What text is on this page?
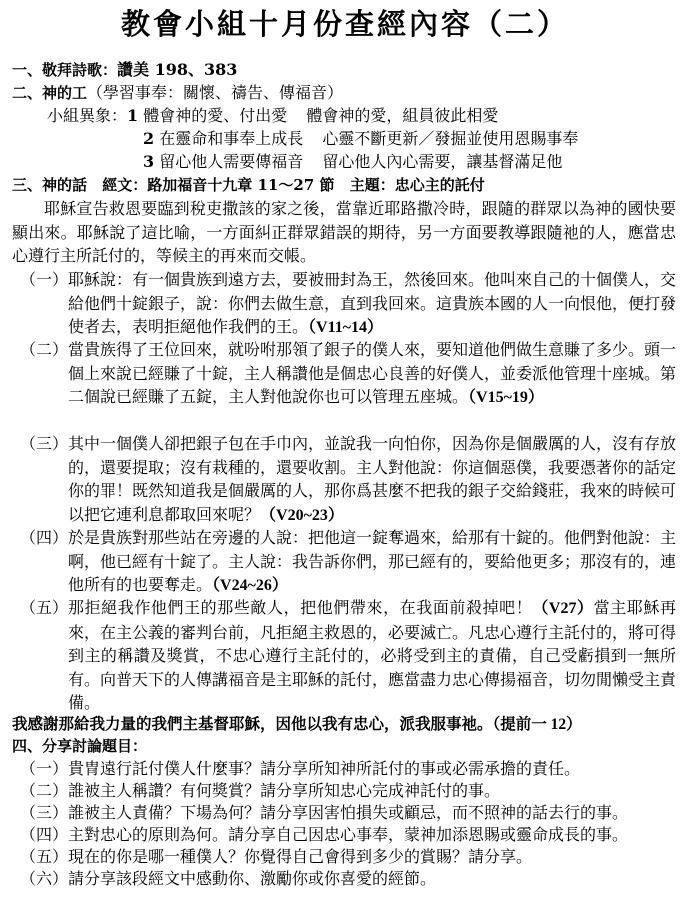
教會小組十月份查經內容（二）
一、敬拜詩歌：讚美 198、383
二、神的工（學習事奉：關懷、禱告、傳福音）
小組異象：1 體會神的愛、付出愛 體會神的愛，組員彼此相愛
2 在靈命和事奉上成長 心靈不斷更新／發掘並使用恩賜事奉
3 留心他人需要傳福音 留心他人內心需要，讓基督滿足他
三、神的話 經文：路加福音十九章 11～27 節 主題：忠心主的託付
耶穌宣告救恩要臨到稅吏撒該的家之後，當靠近耶路撒冷時，跟隨的群眾以為神的國快要顯出來。耶穌說了這比喻，一方面糾正群眾錯誤的期待，另一方面要教導跟隨祂的人，應當忠心遵行主所託付的，等候主的再來而交帳。
（一） 耶穌說：有一個貴族到遠方去，要被冊封為王，然後回來。他叫來自己的十個僕人，交給他們十錠銀子，說：你們去做生意，直到我回來。這貴族本國的人一向恨他，便打發使者去，表明拒絕他作我們的王。（V11~14）
（二） 當貴族得了王位回來，就吩咐那領了銀子的僕人來，要知道他們做生意賺了多少。頭一個上來說已經賺了十錠，主人稱讚他是個忠心良善的好僕人，並委派他管理十座城。第二個說已經賺了五錠，主人對他說你也可以管理五座城。（V15~19）
（三） 其中一個僕人卻把銀子包在手巾內，並說我一向怕你，因為你是個嚴厲的人，沒有存放的，還要提取；沒有栽種的，還要收割。主人對他說：你這個惡僕，我要憑著你的話定你的罪！既然知道我是個嚴厲的人，那你爲甚麼不把我的銀子交給錢莊，我來的時候可以把它連利息都取回來呢？（V20~23）
（四） 於是貴族對那些站在旁邊的人說：把他這一錠奪過來，給那有十錠的。他們對他說：主啊，他已經有十錠了。主人說：我告訴你們，那已經有的，要給他更多；那沒有的，連他所有的也要奪走。（V24~26）
（五） 那拒絕我作他們王的那些敵人，把他們帶來，在我面前殺掉吧！（V27）當主耶穌再來，在主公義的審判台前，凡拒絕主救恩的，必要滅亡。凡忠心遵行主託付的，將可得到主的稱讚及獎賞，不忠心遵行主託付的，必將受到主的責備，自己受虧損到一無所有。向普天下的人傳講福音是主耶穌的託付，應當盡力忠心傳揚福音，切勿閒懶受主責備。
我感謝那給我力量的我們主基督耶穌，因他以我有忠心，派我服事祂。（提前一 12）
四、分享討論題目：
（一）貴冑遠行託付僕人什麼事？請分享所知神所託付的事或必需承擔的責任。
（二）誰被主人稱讚？有何獎賞？請分享所知忠心完成神託付的事。
（三）誰被主人責備？下場為何？請分享因害怕損失或顧忌，而不照神的話去行的事。
（四）主對忠心的原則為何。請分享自己因忠心事奉，蒙神加添恩賜或靈命成長的事。
（五）現在的你是哪一種僕人？你覺得自己會得到多少的賞賜？請分享。
（六）請分享該段經文中感動你、激勵你或你喜愛的經節。
